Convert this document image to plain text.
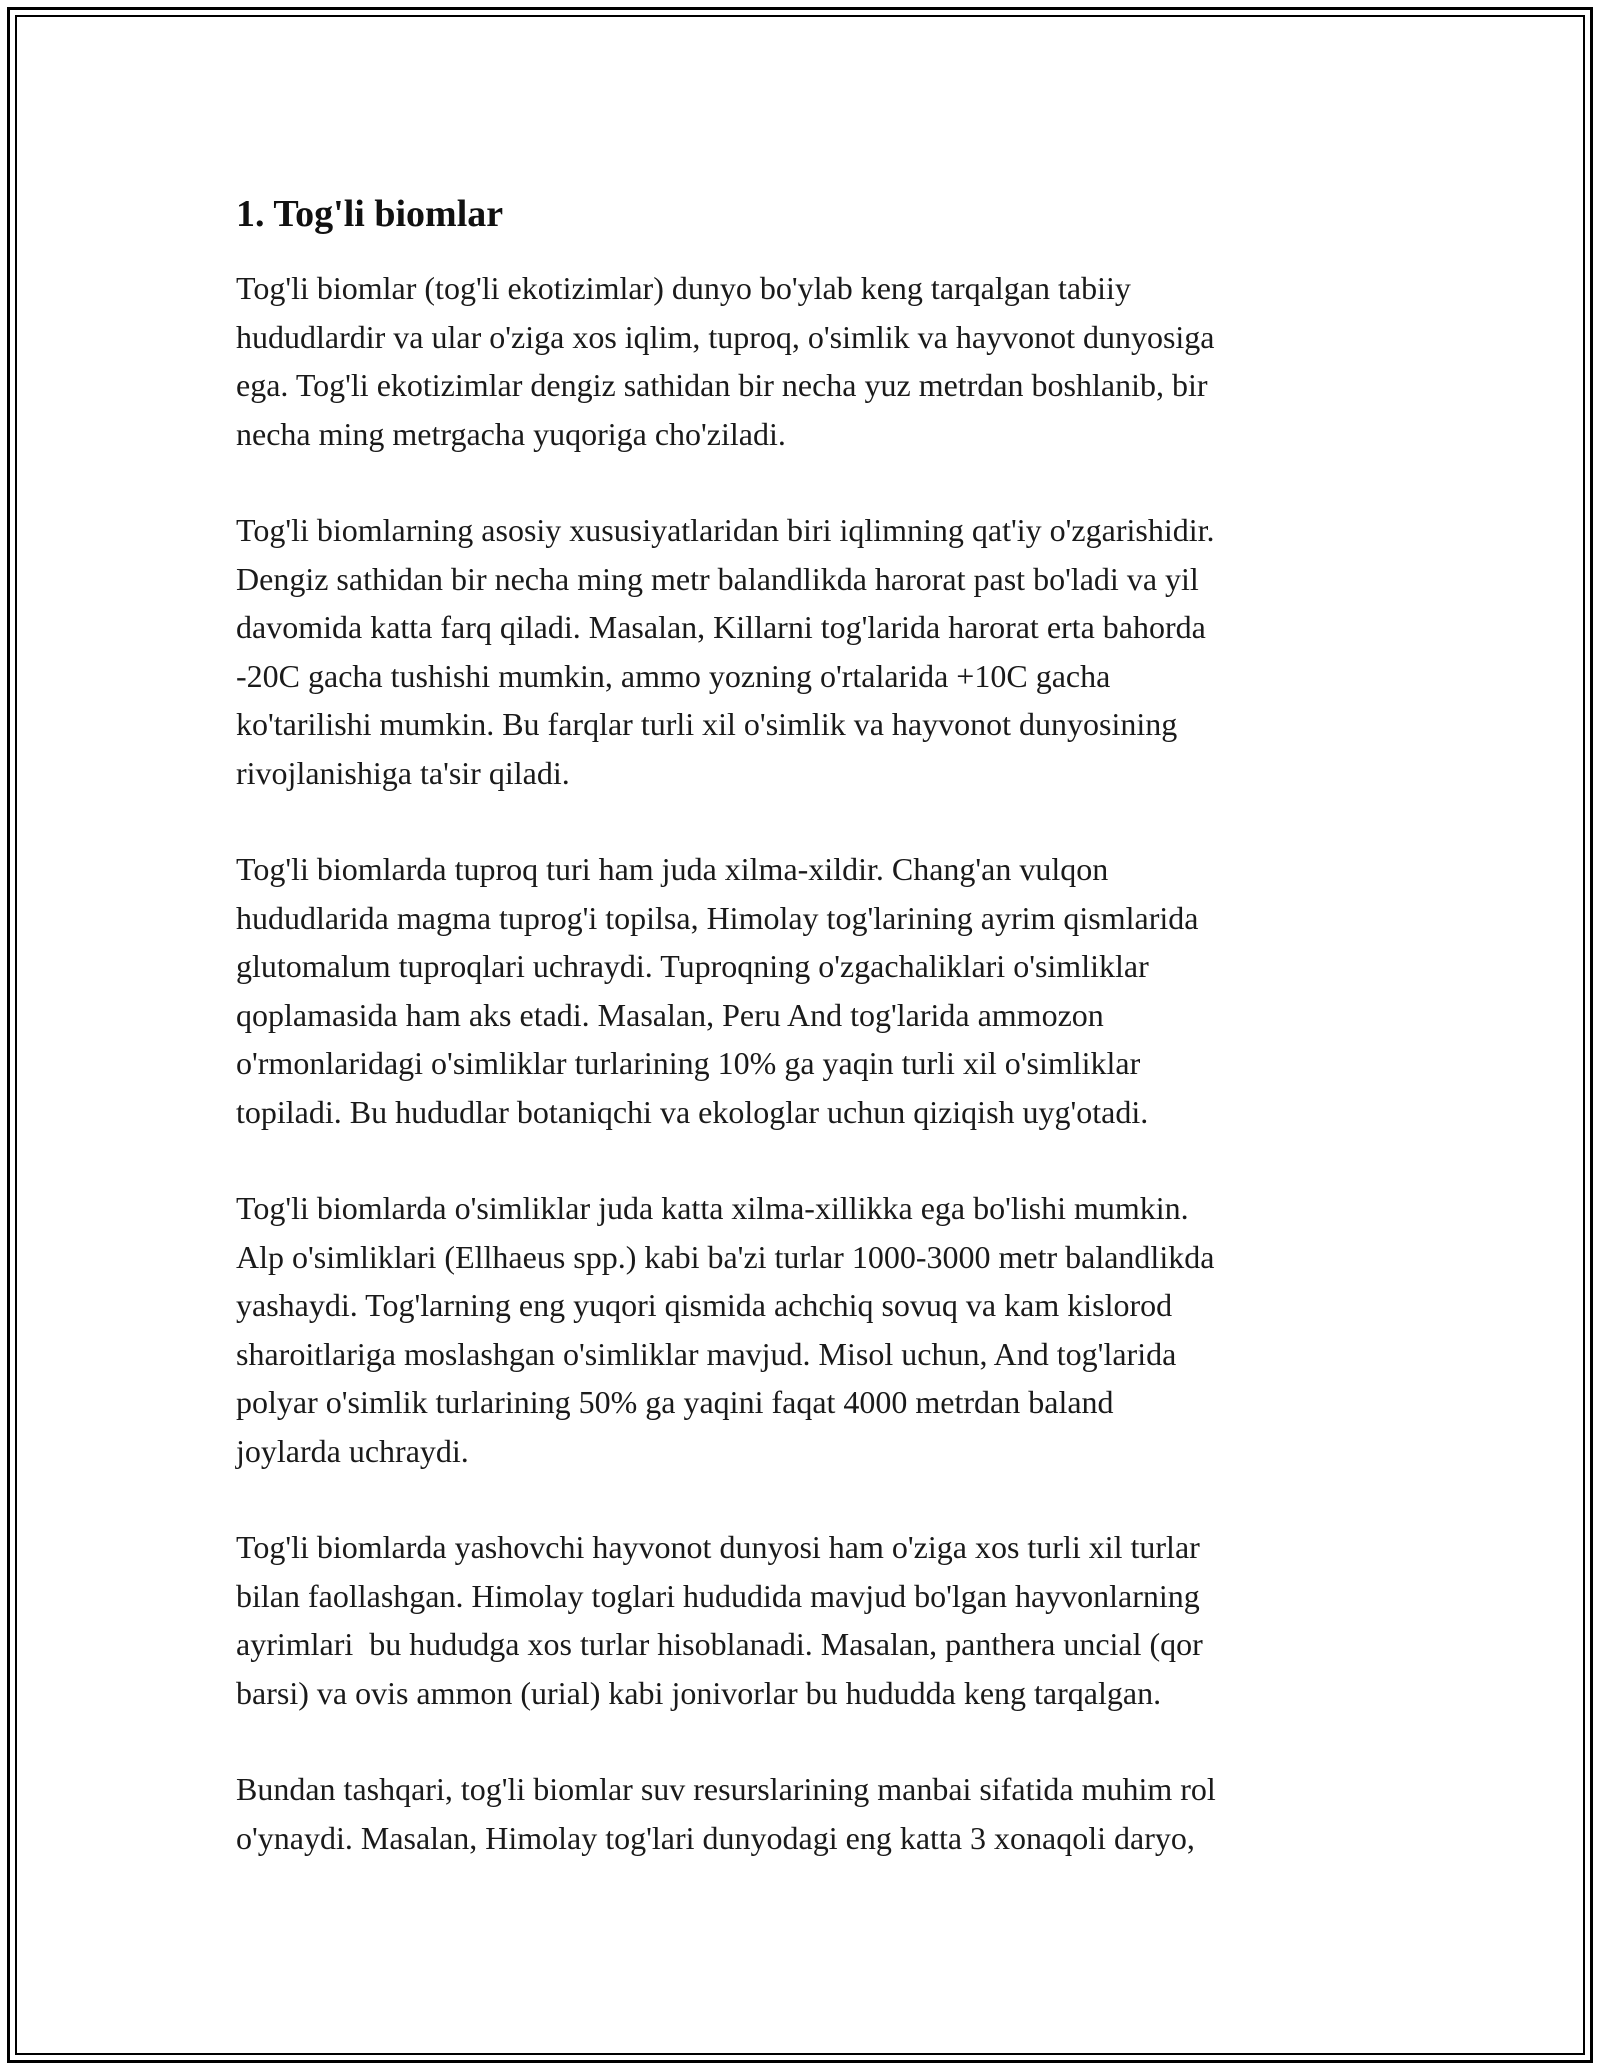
1. Tog'li biomlar

Tog'li biomlar (tog'li ekotizimlar) dunyo bo'ylab keng tarqalgan tabiiy
hududlardir va ular o'ziga xos iqlim, tuproq, o'simlik va hayvonot dunyosiga
ega. Tog'li ekotizimlar dengiz sathidan bir necha yuz metrdan boshlanib, bir
necha ming metrgacha yuqoriga cho'ziladi.

Tog'li biomlarning asosiy xususiyatlaridan biri iqlimning qat'iy o'zgarishidir.
Dengiz sathidan bir necha ming metr balandlikda harorat past bo'ladi va yil
davomida katta farq qiladi. Masalan, Killarni tog'larida harorat erta bahorda
-20C gacha tushishi mumkin, ammo yozning o'rtalarida +10C gacha
ko'tarilishi mumkin. Bu farqlar turli xil o'simlik va hayvonot dunyosining
rivojlanishiga ta'sir qiladi.

Tog'li biomlarda tuproq turi ham juda xilma-xildir. Chang'an vulqon
hududlarida magma tuprog'i topilsa, Himolay tog'larining ayrim qismlarida
glutomalum tuproqlari uchraydi. Tuproqning o'zgachaliklari o'simliklar
qoplamasida ham aks etadi. Masalan, Peru And tog'larida ammozon
o'rmonlaridagi o'simliklar turlarining 10% ga yaqin turli xil o'simliklar
topiladi. Bu hududlar botaniqchi va ekologlar uchun qiziqish uyg'otadi.

Tog'li biomlarda o'simliklar juda katta xilma-xillikka ega bo'lishi mumkin.
Alp o'simliklari (Ellhaeus spp.) kabi ba'zi turlar 1000-3000 metr balandlikda
yashaydi. Tog'larning eng yuqori qismida achchiq sovuq va kam kislorod
sharoitlariga moslashgan o'simliklar mavjud. Misol uchun, And tog'larida
polyar o'simlik turlarining 50% ga yaqini faqat 4000 metrdan baland
joylarda uchraydi.

Tog'li biomlarda yashovchi hayvonot dunyosi ham o'ziga xos turli xil turlar
bilan faollashgan. Himolay toglari hududida mavjud bo'lgan hayvonlarning
ayrimlari  bu hududga xos turlar hisoblanadi. Masalan, panthera uncial (qor
barsi) va ovis ammon (urial) kabi jonivorlar bu hududda keng tarqalgan.

Bundan tashqari, tog'li biomlar suv resurslarining manbai sifatida muhim rol
o'ynaydi. Masalan, Himolay tog'lari dunyodagi eng katta 3 xonaqoli daryo,
